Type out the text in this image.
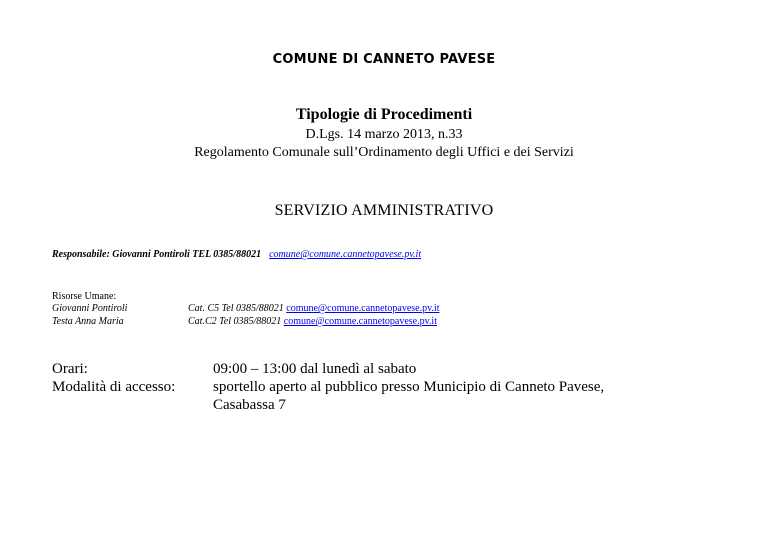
COMUNE DI CANNETO PAVESE
Tipologie di Procedimenti
D.Lgs. 14 marzo 2013, n.33
Regolamento Comunale sull’Ordinamento degli Uffici e dei Servizi
SERVIZIO AMMINISTRATIVO
Responsabile: Giovanni Pontiroli TEL 0385/88021 comune@comune.cannetopavese.pv.it
Risorse Umane:
Giovanni Pontiroli	Cat. C5 Tel 0385/88021 comune@comune.cannetopavese.pv.it
Testa Anna Maria	Cat.C2 Tel 0385/88021 comune@comune.cannetopavese.pv.it
Orari:	09:00 – 13:00 dal lunedì al sabato
Modalità di accesso:	sportello aperto al pubblico presso Municipio di Canneto Pavese,
Casabassa 7
